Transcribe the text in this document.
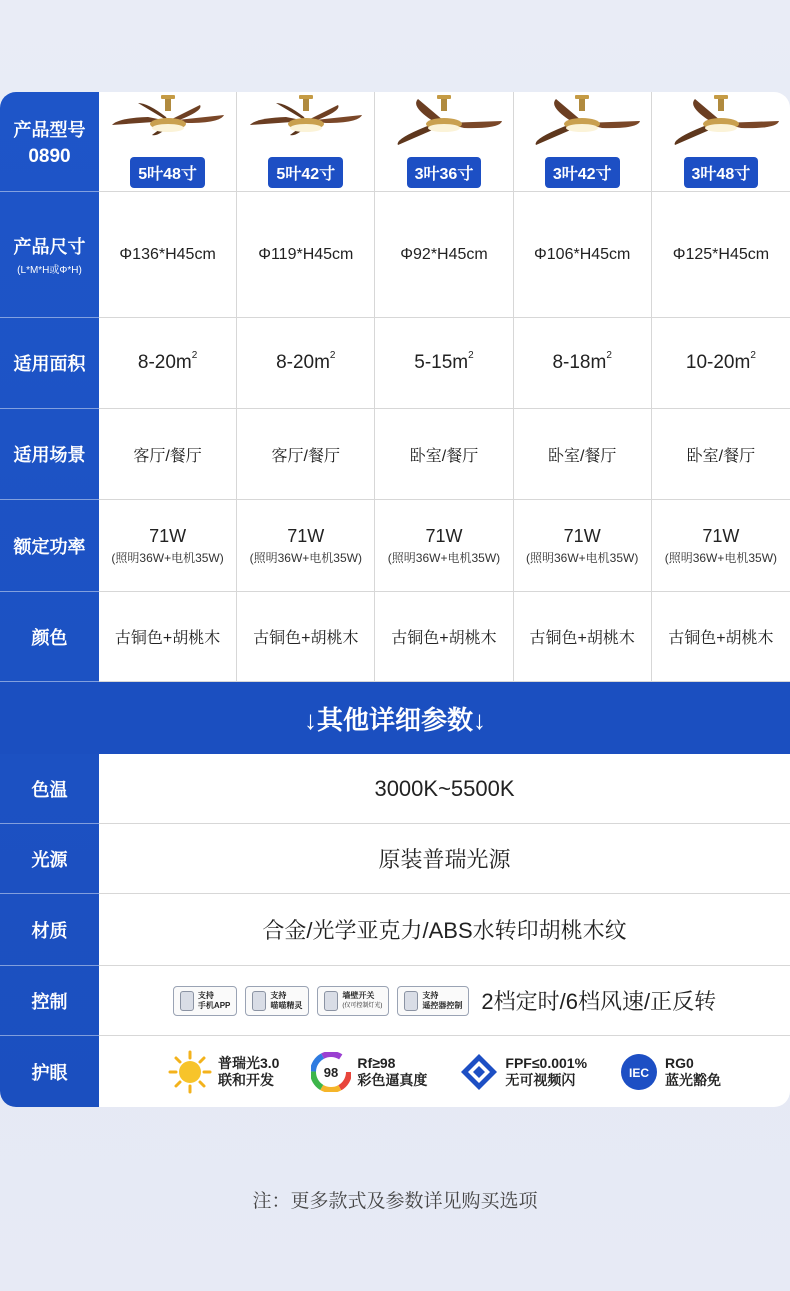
产品型号
0890
产品尺寸
(L*M*H或Φ*H)
适用面积
适用场景
额定功率
颜色
5叶48寸
Φ136*H45cm
$8-20m^2$
客厅/餐厅
71W
(照明36W+电机35W)
古铜色+胡桃木
5叶42寸
Φ119*H45cm
$8-20m^2$
客厅/餐厅
71W
(照明36W+电机35W)
古铜色+胡桃木
3叶36寸
Φ92*H45cm
$5-15m^2$
卧室/餐厅
71W
(照明36W+电机35W)
古铜色+胡桃木
3叶42寸
Φ106*H45cm
$8-18m^2$
卧室/餐厅
71W
(照明36W+电机35W)
古铜色+胡桃木
3叶48寸
Φ125*H45cm
$10-20m^2$
卧室/餐厅
71W
(照明36W+电机35W)
古铜色+胡桃木
↓其他详细参数↓
色温
光源
材质
控制
护眼
3000K~5500K
原装普瑞光源
合金/光学亚克力/ABS水转印胡桃木纹
支持
手机APP
支持
喵喵精灵
墙壁开关
(仅可控制灯光)
支持
遥控器控制 2档定时/6档风速/正反转
普瑞光3.0
联和开发	98
Rf≥98
彩色逼真度
FPF≤0.001%
无可视频闪	IEC
RG0
蓝光豁免
注：更多款式及参数详见购买选项
